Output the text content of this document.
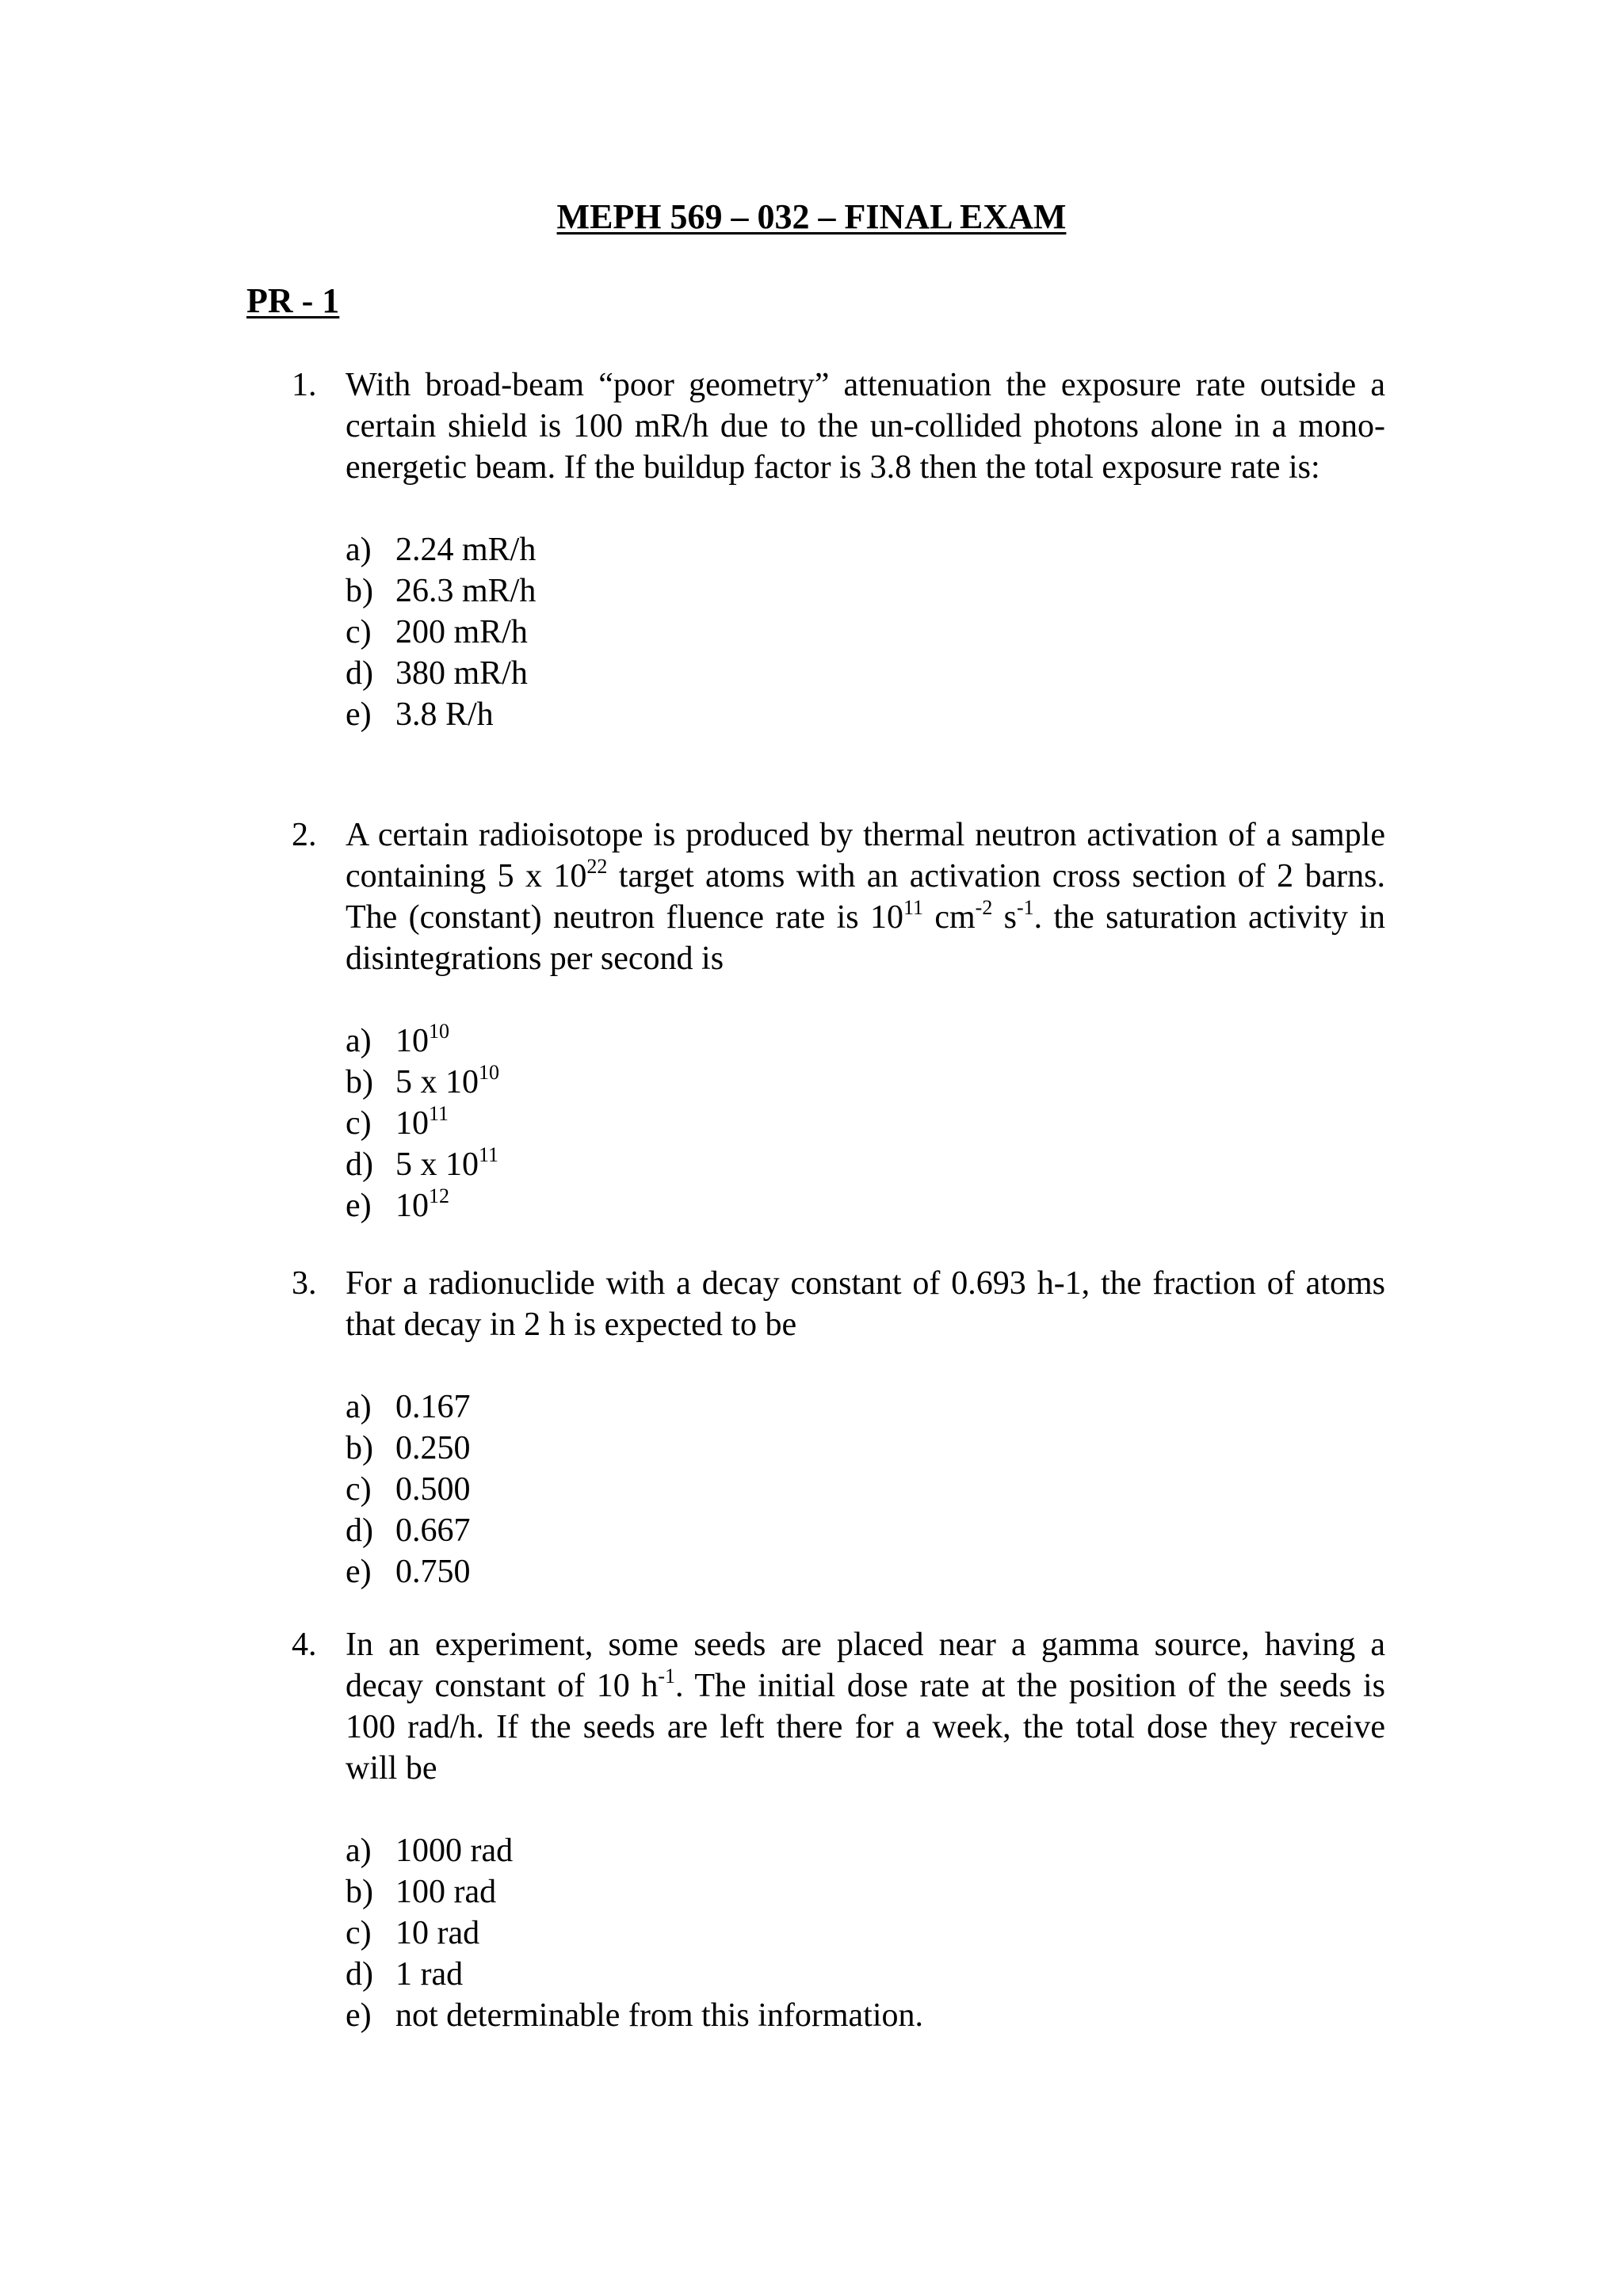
MEPH 569 – 032 – FINAL EXAM
PR - 1
1. With broad-beam “poor geometry” attenuation the exposure rate outside a certain shield is 100 mR/h due to the un-collided photons alone in a mono-energetic beam. If the buildup factor is 3.8 then the total exposure rate is:
a) 2.24 mR/h
b) 26.3 mR/h
c) 200 mR/h
d) 380 mR/h
e) 3.8 R/h
2. A certain radioisotope is produced by thermal neutron activation of a sample containing 5 x $10^{22}$ target atoms with an activation cross section of 2 barns. The (constant) neutron fluence rate is $10^{11}$ $cm^{-2}$ $s^{-1}$. the saturation activity in disintegrations per second is
a) $10^{10}$
b) 5 x $10^{10}$
c) $10^{11}$
d) 5 x $10^{11}$
e) $10^{12}$
3. For a radionuclide with a decay constant of 0.693 h-1, the fraction of atoms that decay in 2 h is expected to be
a) 0.167
b) 0.250
c) 0.500
d) 0.667
e) 0.750
4. In an experiment, some seeds are placed near a gamma source, having a decay constant of 10 $h^{-1}$. The initial dose rate at the position of the seeds is 100 rad/h. If the seeds are left there for a week, the total dose they receive will be
a) 1000 rad
b) 100 rad
c) 10 rad
d) 1 rad
e) not determinable from this information.
